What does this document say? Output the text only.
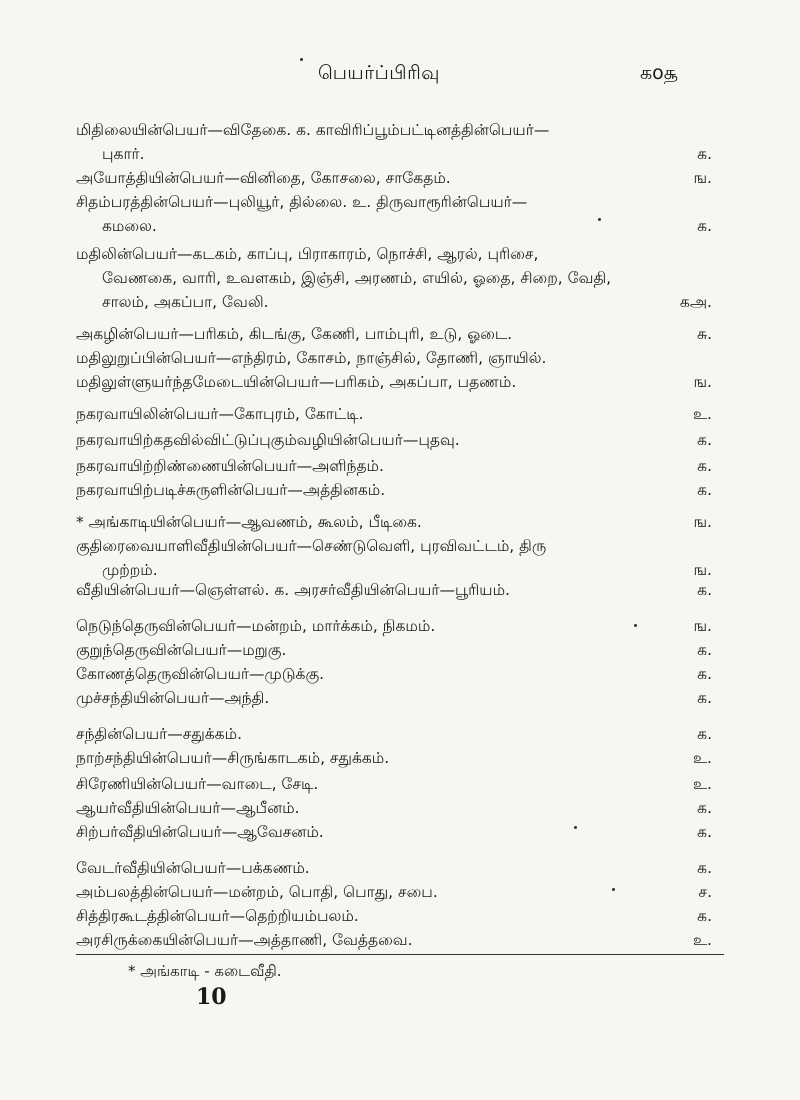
பெயர்ப்பிரிவு	கo௲
மிதிலையின்பெயர்—விதேகை. க. காவிரிப்பூம்பட்டினத்தின்பெயர்—
புகார்.	க.
அயோத்தியின்பெயர்—வினிதை, கோசலை, சாகேதம்.	ங.
சிதம்பரத்தின்பெயர்—புலியூர், தில்லை. உ. திருவாரூரின்பெயர்—
கமலை.	க.
மதிலின்பெயர்—கடகம், காப்பு, பிராகாரம், நொச்சி, ஆரல், புரிசை,
வேணகை, வாரி, உவளகம், இஞ்சி, அரணம், எயில், ஓதை, சிறை, வேதி, சாலம், அகப்பா, வேலி.	கஅ.
அகழின்பெயர்—பரிகம், கிடங்கு, கேணி, பாம்புரி, உடு, ஓடை.	சு.
மதிலுறுப்பின்பெயர்—எந்திரம், கோசம், நாஞ்சில், தோணி, ஞாயில்.
மதிலுள்ளுயர்ந்தமேடையின்பெயர்—பரிகம், அகப்பா, பதணம்.	ங.
நகரவாயிலின்பெயர்—கோபுரம், கோட்டி.	உ.
நகரவாயிற்கதவில்விட்டுப்புகும்வழியின்பெயர்—புதவு.	க.
நகரவாயிற்றிண்ணையின்பெயர்—அளிந்தம்.	க.
நகரவாயிற்படிச்சுருளின்பெயர்—அத்தினகம்.	க.
* அங்காடியின்பெயர்—ஆவணம், கூலம், பீடிகை.	ங.
குதிரைவையாளிவீதியின்பெயர்—செண்டுவெளி, புரவிவட்டம், திரு
முற்றம்.	ங.
வீதியின்பெயர்—ஞெள்ளல். க. அரசர்வீதியின்பெயர்—பூரியம்.	க.
நெடுந்தெருவின்பெயர்—மன்றம், மார்க்கம், நிகமம்.	ங.
குறுந்தெருவின்பெயர்—மறுகு.	க.
கோணத்தெருவின்பெயர்—முடுக்கு.	க.
முச்சந்தியின்பெயர்—அந்தி.	க.
சந்தின்பெயர்—சதுக்கம்.	க.
நாற்சந்தியின்பெயர்—சிருங்காடகம், சதுக்கம்.	உ.
சிரேணியின்பெயர்—வாடை, சேடி.	உ.
ஆயர்வீதியின்பெயர்—ஆபீனம்.	க.
சிற்பர்வீதியின்பெயர்—ஆவேசனம்.	க.
வேடர்வீதியின்பெயர்—பக்கணம்.	க.
அம்பலத்தின்பெயர்—மன்றம், பொதி, பொது, சபை.	ச.
சித்திரகூடத்தின்பெயர்—தெற்றியம்பலம்.	க.
அரசிருக்கையின்பெயர்—அத்தாணி, வேத்தவை.	உ.
* அங்காடி - கடைவீதி.
10
